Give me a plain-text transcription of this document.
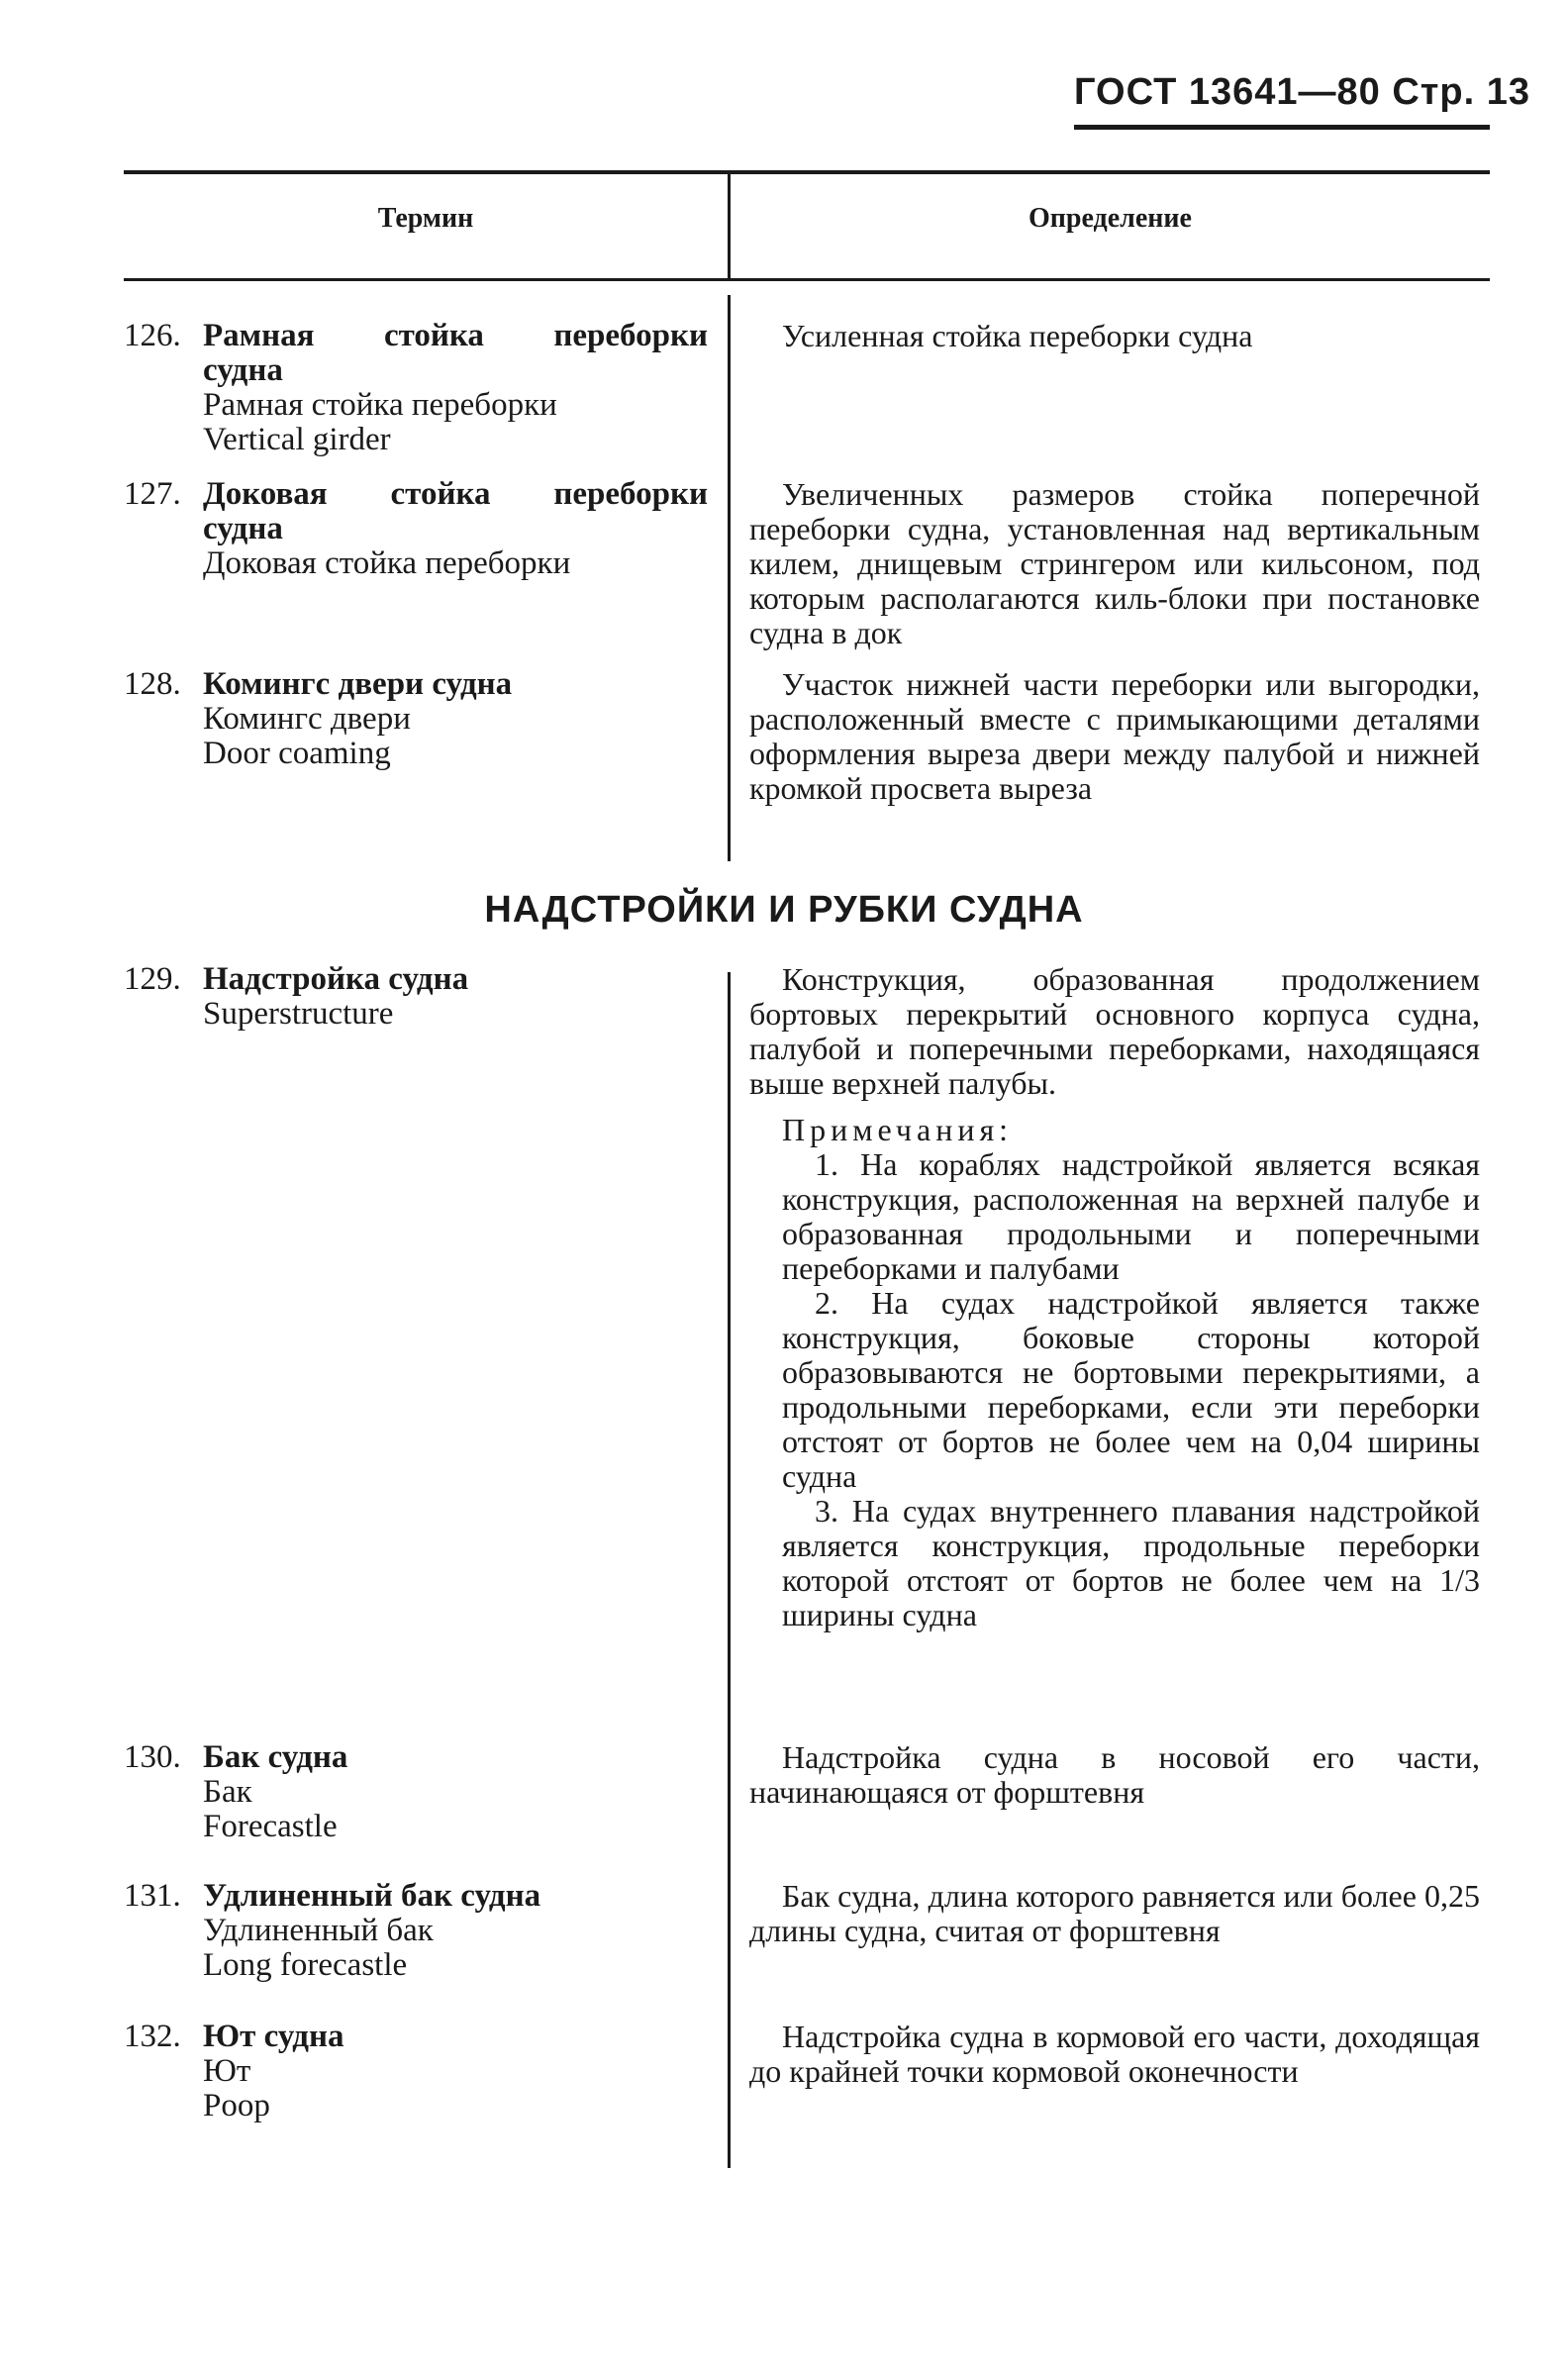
ГОСТ 13641—80 Стр. 13
Термин	Определение
126. Рамная стойка переборки
судна
Рамная стойка переборки
Vertical girder

Усиленная стойка переборки судна

127. Доковая стойка переборки
судна
Доковая стойка переборки

Увеличенных размеров стойка поперечной переборки судна, установленная над вертикальным килем, днищевым стрингером или кильсоном, под которым располагаются киль-блоки при постановке судна в док

128. Комингс двери судна
Комингс двери
Door coaming

Участок нижней части переборки или выгородки, расположенный вместе с примыкающими деталями оформления выреза двери между палубой и нижней кромкой просвета выреза

НАДСТРОЙКИ И РУБКИ СУДНА
129. Надстройка судна
Superstructure

Конструкция, образованная продолжением бортовых перекрытий основного корпуса судна, палубой и поперечными переборками, находящаяся выше верхней палубы.

Примечания:

1. На кораблях надстройкой является всякая конструкция, расположенная на верхней палубе и образованная продольными и поперечными переборками и палубами

2. На судах надстройкой является также конструкция, боковые стороны которой образовываются не бортовыми перекрытиями, а продольными переборками, если эти переборки отстоят от бортов не более чем на 0,04 ширины судна

3. На судах внутреннего плавания надстройкой является конструкция, продольные переборки которой отстоят от бортов не более чем на 1/3 ширины судна

130. Бак судна
Бак
Forecastle

Надстройка судна в носовой его части, начинающаяся от форштевня

131. Удлиненный бак судна
Удлиненный бак
Long forecastle

Бак судна, длина которого равняется или более 0,25 длины судна, считая от форштевня

132. Ют судна
Ют
Poop

Надстройка судна в кормовой его части, доходящая до крайней точки кормовой оконечности
